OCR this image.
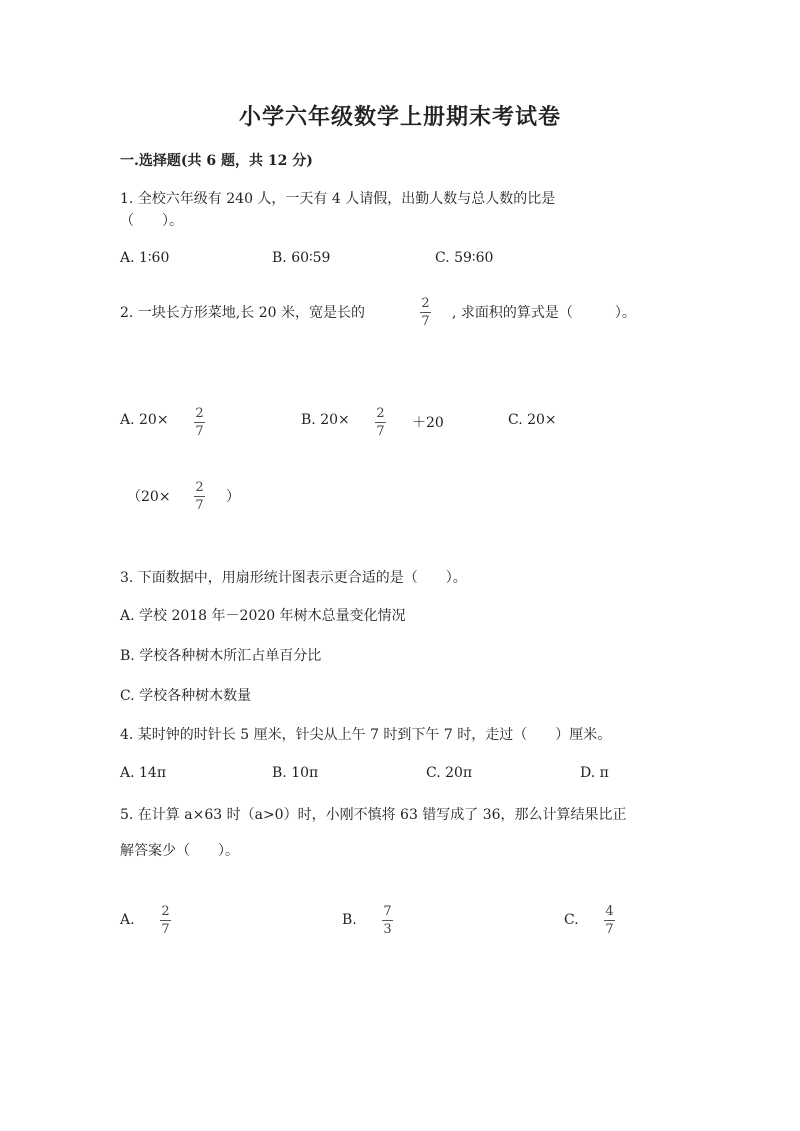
小学六年级数学上册期末考试卷
一.选择题(共 6 题，共 12 分)
1. 全校六年级有 240 人，一天有 4 人请假，出勤人数与总人数的比是
（　　）。
A. 1∶60	B. 60∶59	C. 59∶60
2. 一块长方形菜地,长 20 米，宽是长的
2
7
, 求面积的算式是（　　　）。
A. 20× 2
7
B. 20× 2
7
＋20	C. 20×
（20×
2
7
）
3. 下面数据中，用扇形统计图表示更合适的是（　　）。
A. 学校 2018 年－2020 年树木总量变化情况
B. 学校各种树木所汇占单百分比
C. 学校各种树木数量
4. 某时钟的时针长 5 厘米，针尖从上午 7 时到下午 7 时，走过（　　）厘米。
A. 14π	B. 10π	C. 20π	D. π
5. 在计算 a×63 时（a>0）时，小刚不慎将 63 错写成了 36，那么计算结果比正
解答案少（　　）。
A.
2
7
B.
7
3
C.
4
7
